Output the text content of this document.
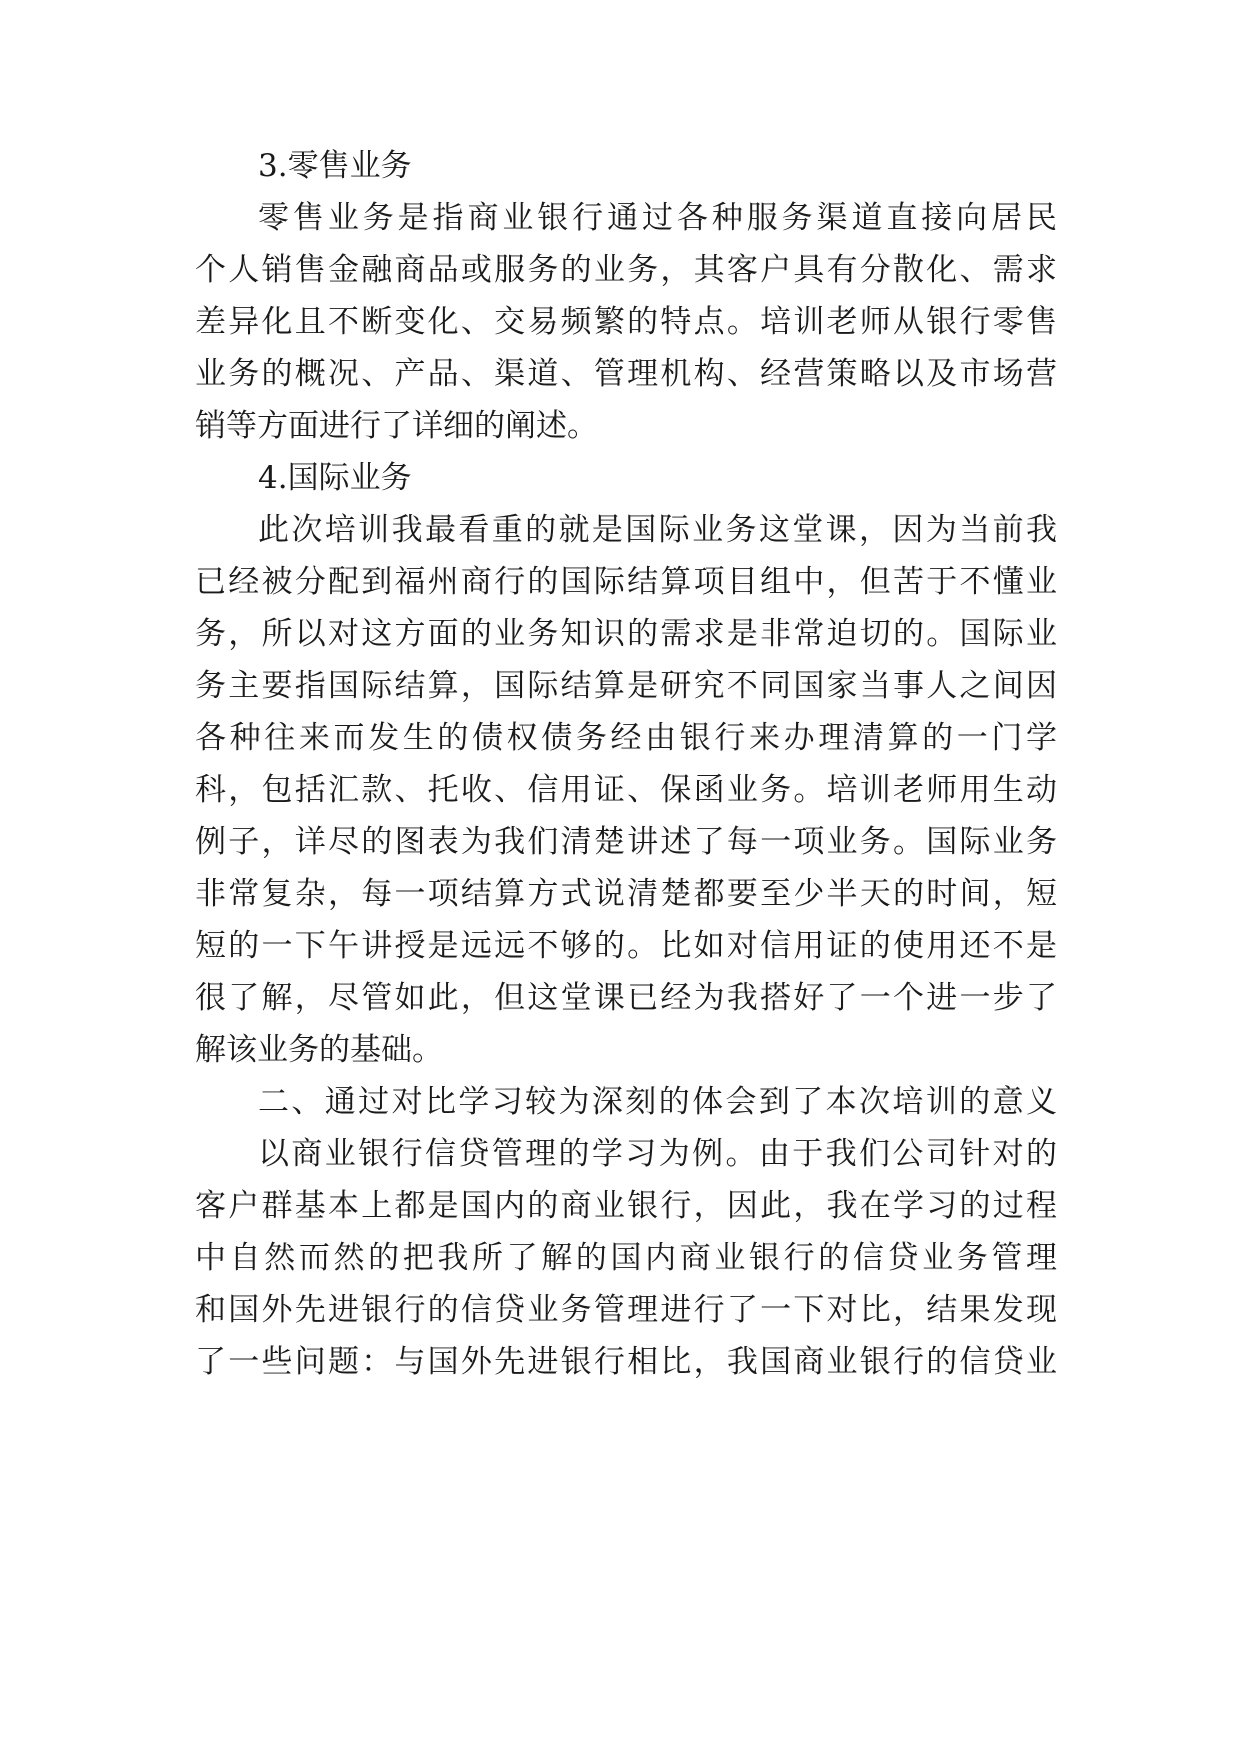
3.零售业务
零售业务是指商业银行通过各种服务渠道直接向居民
个人销售金融商品或服务的业务，其客户具有分散化、需求
差异化且不断变化、交易频繁的特点。培训老师从银行零售
业务的概况、产品、渠道、管理机构、经营策略以及市场营
销等方面进行了详细的阐述。
4.国际业务
此次培训我最看重的就是国际业务这堂课，因为当前我
已经被分配到福州商行的国际结算项目组中，但苦于不懂业
务，所以对这方面的业务知识的需求是非常迫切的。国际业
务主要指国际结算，国际结算是研究不同国家当事人之间因
各种往来而发生的债权债务经由银行来办理清算的一门学
科，包括汇款、托收、信用证、保函业务。培训老师用生动
例子，详尽的图表为我们清楚讲述了每一项业务。国际业务
非常复杂，每一项结算方式说清楚都要至少半天的时间，短
短的一下午讲授是远远不够的。比如对信用证的使用还不是
很了解，尽管如此，但这堂课已经为我搭好了一个进一步了
解该业务的基础。
二、通过对比学习较为深刻的体会到了本次培训的意义
以商业银行信贷管理的学习为例。由于我们公司针对的
客户群基本上都是国内的商业银行，因此，我在学习的过程
中自然而然的把我所了解的国内商业银行的信贷业务管理
和国外先进银行的信贷业务管理进行了一下对比，结果发现
了一些问题：与国外先进银行相比，我国商业银行的信贷业
